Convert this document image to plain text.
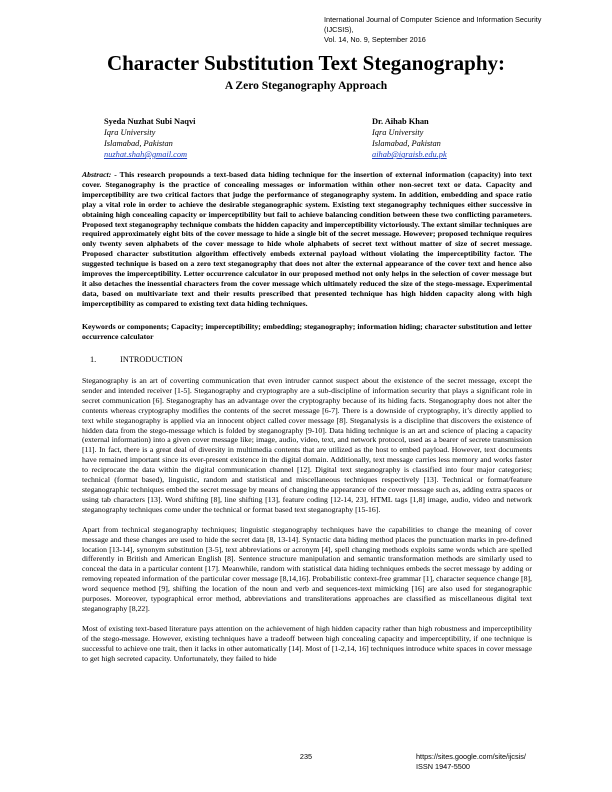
International Journal of Computer Science and Information Security (IJCSIS),
Vol. 14, No. 9, September 2016
Character Substitution Text Steganography:
A Zero Steganography Approach
Syeda Nuzhat Subi Naqvi
Iqra University
Islamabad, Pakistan
nuzhat.shah@gmail.com
Dr. Aihab Khan
Iqra University
Islamabad, Pakistan
aihab@iqraisb.edu.pk
Abstract: - This research propounds a text-based data hiding technique for the insertion of external information (capacity) into text cover. Steganography is the practice of concealing messages or information within other non-secret text or data. Capacity and imperceptibility are two critical factors that judge the performance of steganography system. In addition, embedding and space ratio play a vital role in order to achieve the desirable steganographic system. Existing text steganography techniques either successive in obtaining high concealing capacity or imperceptibility but fail to achieve balancing condition between these two conflicting parameters. Proposed text steganography technique combats the hidden capacity and imperceptibility victoriously. The extant similar techniques are required approximately eight bits of the cover message to hide a single bit of the secret message. However; proposed technique requires only twenty seven alphabets of the cover message to hide whole alphabets of secret text without matter of size of secret message. Proposed character substitution algorithm effectively embeds external payload without violating the imperceptibility factor. The suggested technique is based on a zero text steganography that does not alter the external appearance of the cover text and hence also improves the imperceptibility. Letter occurrence calculator in our proposed method not only helps in the selection of cover message but it also detaches the inessential characters from the cover message which ultimately reduced the size of the stego-message. Experimental data, based on multivariate text and their results prescribed that presented technique has high hidden capacity along with high imperceptibility as compared to existing text data hiding techniques.
Keywords or components; Capacity; imperceptibility; embedding; steganography; information hiding; character substitution and letter occurrence calculator
1.	INTRODUCTION

Steganography is an art of coverting communication that even intruder cannot suspect about the existence of the secret message, except the sender and intended receiver [1-5]. Steganography and cryptography are a sub-discipline of information security that plays a significant role in secret communication [6]. Steganography has an advantage over the cryptography because of its hiding facts. Steganography does not alter the contents whereas cryptography modifies the contents of the secret message [6-7]. There is a downside of cryptography, it’s directly applied to text while steganography is applied via an innocent object called cover message [8]. Steganalysis is a discipline that discovers the existence of hidden data from the stego-message which is folded by steganography [9-10]. Data hiding technique is an art and science of placing a capacity (external information) into a given cover message like; image, audio, video, text, and network protocol, used as a bearer of secrete transmission [11]. In fact, there is a great deal of diversity in multimedia contents that are utilized as the host to embed payload. However, text documents have remained important since its ever-present existence in the digital domain. Additionally, text message carries less memory and works faster to reciprocate the data within the digital communication channel [12]. Digital text steganography is classified into four major categories; technical (format based), linguistic, random and statistical and miscellaneous techniques respectively [13]. Technical or format/feature steganographic techniques embed the secret message by means of changing the appearance of the cover message such as, adding extra spaces or using tab characters [13]. Word shifting [8], line shifting [13], feature coding [12-14, 23], HTML tags [1,8] image, audio, video and network steganography techniques come under the technical or format based text steganography [15-16].

Apart from technical steganography techniques; linguistic steganography techniques have the capabilities to change the meaning of cover message and these changes are used to hide the secret data [8, 13-14]. Syntactic data hiding method places the punctuation marks in pre-defined location [13-14], synonym substitution [3-5], text abbreviations or acronym [4], spell changing methods exploits same words which are spelled differently in British and American English [8]. Sentence structure manipulation and semantic transformation methods are similarly used to conceal the data in a particular content [17]. Meanwhile, random with statistical data hiding techniques embeds the secret message by adding or removing repeated information of the particular cover message [8,14,16]. Probabilistic context-free grammar [1], character sequence change [8], word sequence method [9], shifting the location of the noun and verb and sequences-text mimicking [16] are also used for steganographic purposes. Moreover, typographical error method, abbreviations and transliterations approaches are classified as miscellaneous digital text steganography [8,22].

Most of existing text-based literature pays attention on the achievement of high hidden capacity rather than high robustness and imperceptibility of the stego-message. However, existing techniques have a tradeoff between high concealing capacity and imperceptibility, if one technique is successful to achieve one trait, then it lacks in other automatically [14]. Most of [1-2,14, 16] techniques introduce white spaces in cover message to get high secreted capacity. Unfortunately, they failed to hide

235	https://sites.google.com/site/ijcsis/
ISSN 1947-5500
